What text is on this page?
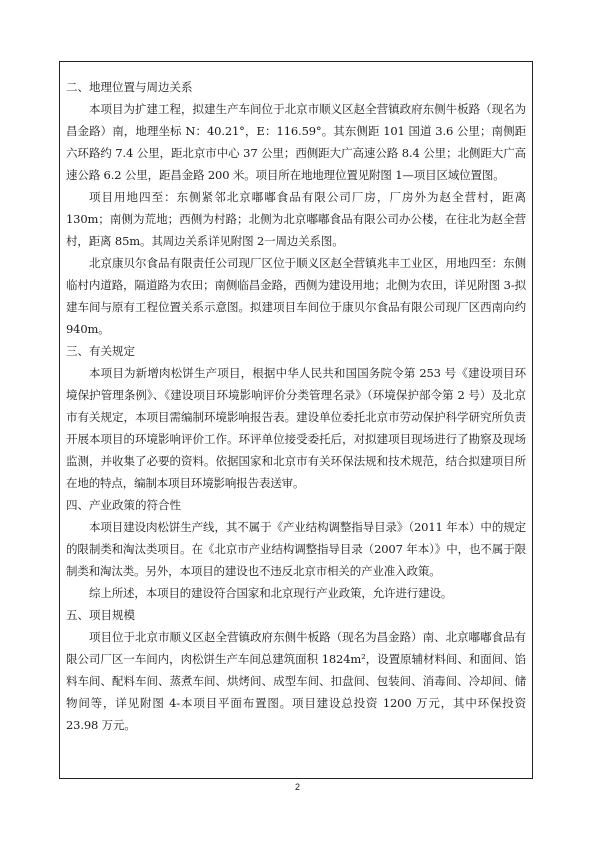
二、地理位置与周边关系

本项目为扩建工程，拟建生产车间位于北京市顺义区赵全营镇政府东侧牛板路（现名为昌金路）南，地理坐标 N：40.21°，E：116.59°。其东侧距 101 国道 3.6 公里；南侧距六环路约 7.4 公里，距北京市中心 37 公里；西侧距大广高速公路 8.4 公里；北侧距大广高速公路 6.2 公里，距昌金路 200 米。项目所在地地理位置见附图 1—项目区域位置图。

项目用地四至：东侧紧邻北京嘟嘟食品有限公司厂房，厂房外为赵全营村，距离 130m；南侧为荒地；西侧为村路；北侧为北京嘟嘟食品有限公司办公楼，在往北为赵全营村，距离 85m。其周边关系详见附图 2一周边关系图。

北京康贝尔食品有限责任公司现厂区位于顺义区赵全营镇兆丰工业区，用地四至：东侧临村内道路，隔道路为农田；南侧临昌金路，西侧为建设用地；北侧为农田，详见附图 3-拟建车间与原有工程位置关系示意图。拟建项目车间位于康贝尔食品有限公司现厂区西南向约 940m。

三、有关规定

本项目为新增肉松饼生产项目，根据中华人民共和国国务院令第 253 号《建设项目环境保护管理条例》、《建设项目环境影响评价分类管理名录》（环境保护部令第 2 号）及北京市有关规定，本项目需编制环境影响报告表。建设单位委托北京市劳动保护科学研究所负责开展本项目的环境影响评价工作。环评单位接受委托后，对拟建项目现场进行了勘察及现场监测，并收集了必要的资料。依据国家和北京市有关环保法规和技术规范，结合拟建项目所在地的特点，编制本项目环境影响报告表送审。

四、产业政策的符合性

本项目建设肉松饼生产线，其不属于《产业结构调整指导目录》（2011 年本）中的规定的限制类和淘汰类项目。在《北京市产业结构调整指导目录（2007 年本）》中，也不属于限制类和淘汰类。另外，本项目的建设也不违反北京市相关的产业准入政策。

综上所述，本项目的建设符合国家和北京现行产业政策，允许进行建设。

五、项目规模

项目位于北京市顺义区赵全营镇政府东侧牛板路（现名为昌金路）南、北京嘟嘟食品有限公司厂区一车间内，肉松饼生产车间总建筑面积 1824m²，设置原辅材料间、和面间、馅料车间、配料车间、蒸煮车间、烘烤间、成型车间、扣盘间、包装间、消毒间、冷却间、储物间等，详见附图 4-本项目平面布置图。项目建设总投资 1200 万元，其中环保投资 23.98 万元。

2
